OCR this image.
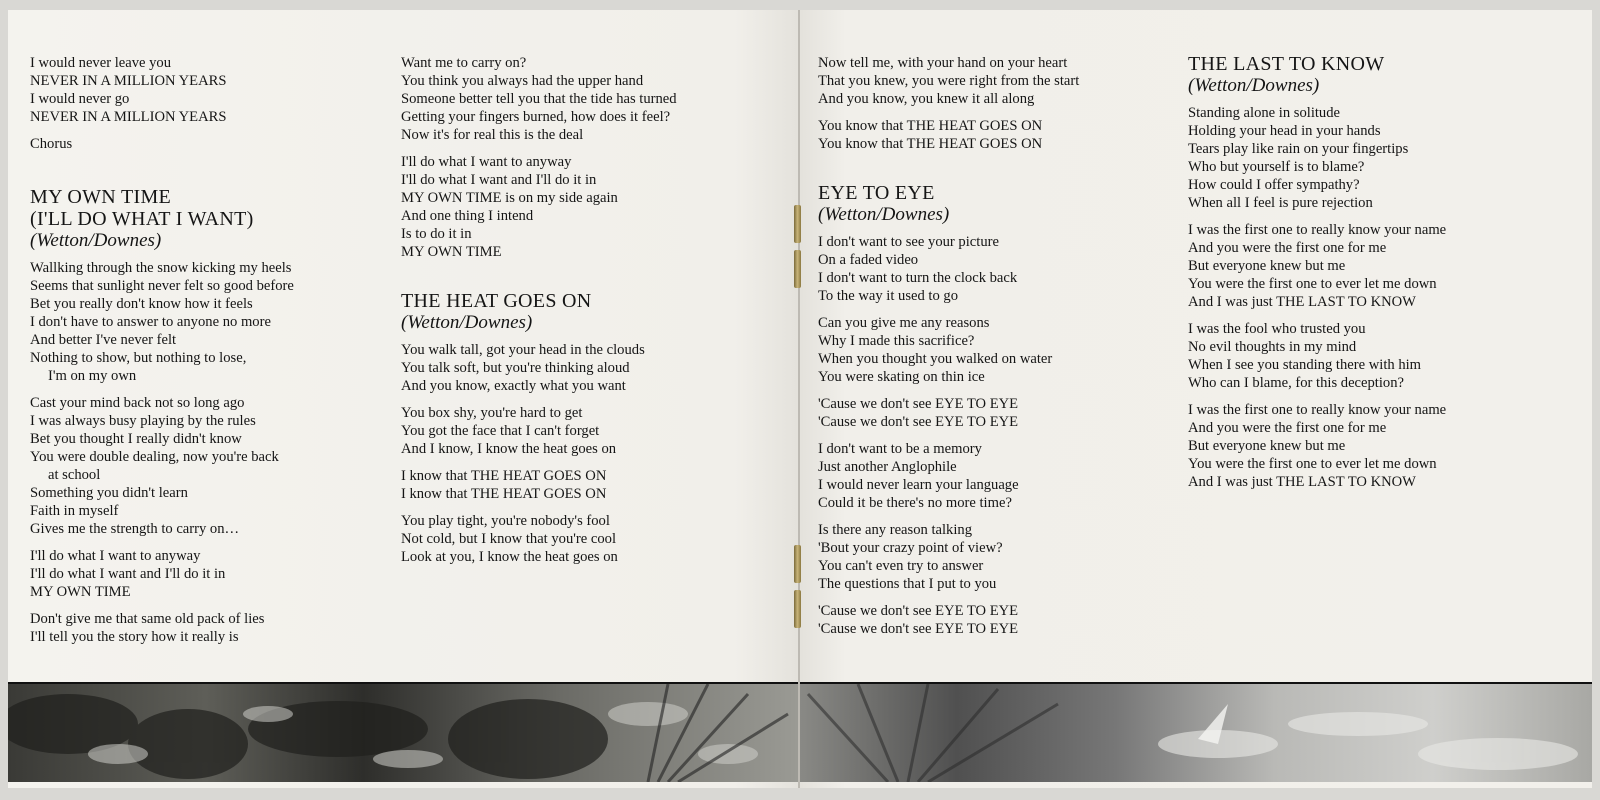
I would never leave you
NEVER IN A MILLION YEARS
I would never go
NEVER IN A MILLION YEARS
Chorus
MY OWN TIME
(I'LL DO WHAT I WANT)
(Wetton/Downes)
Wallking through the snow kicking my heels
Seems that sunlight never felt so good before
Bet you really don't know how it feels
I don't have to answer to anyone no more
And better I've never felt
Nothing to show, but nothing to lose,
I'm on my own
Cast your mind back not so long ago
I was always busy playing by the rules
Bet you thought I really didn't know
You were double dealing, now you're back
at school
Something you didn't learn
Faith in myself
Gives me the strength to carry on…
I'll do what I want to anyway
I'll do what I want and I'll do it in
MY OWN TIME
Don't give me that same old pack of lies
I'll tell you the story how it really is
Want me to carry on?
You think you always had the upper hand
Someone better tell you that the tide has turned
Getting your fingers burned, how does it feel?
Now it's for real this is the deal
I'll do what I want to anyway
I'll do what I want and I'll do it in
MY OWN TIME is on my side again
And one thing I intend
Is to do it in
MY OWN TIME
THE HEAT GOES ON
(Wetton/Downes)
You walk tall, got your head in the clouds
You talk soft, but you're thinking aloud
And you know, exactly what you want
You box shy, you're hard to get
You got the face that I can't forget
And I know, I know the heat goes on
I know that THE HEAT GOES ON
I know that THE HEAT GOES ON
You play tight, you're nobody's fool
Not cold, but I know that you're cool
Look at you, I know the heat goes on
Now tell me, with your hand on your heart
That you knew, you were right from the start
And you know, you knew it all along
You know that THE HEAT GOES ON
You know that THE HEAT GOES ON
EYE TO EYE
(Wetton/Downes)
I don't want to see your picture
On a faded video
I don't want to turn the clock back
To the way it used to go
Can you give me any reasons
Why I made this sacrifice?
When you thought you walked on water
You were skating on thin ice
'Cause we don't see EYE TO EYE
'Cause we don't see EYE TO EYE
I don't want to be a memory
Just another Anglophile
I would never learn your language
Could it be there's no more time?
Is there any reason talking
'Bout your crazy point of view?
You can't even try to answer
The questions that I put to you
'Cause we don't see EYE TO EYE
'Cause we don't see EYE TO EYE
THE LAST TO KNOW
(Wetton/Downes)
Standing alone in solitude
Holding your head in your hands
Tears play like rain on your fingertips
Who but yourself is to blame?
How could I offer sympathy?
When all I feel is pure rejection
I was the first one to really know your name
And you were the first one for me
But everyone knew but me
You were the first one to ever let me down
And I was just THE LAST TO KNOW
I was the fool who trusted you
No evil thoughts in my mind
When I see you standing there with him
Who can I blame, for this deception?
I was the first one to really know your name
And you were the first one for me
But everyone knew but me
You were the first one to ever let me down
And I was just THE LAST TO KNOW
